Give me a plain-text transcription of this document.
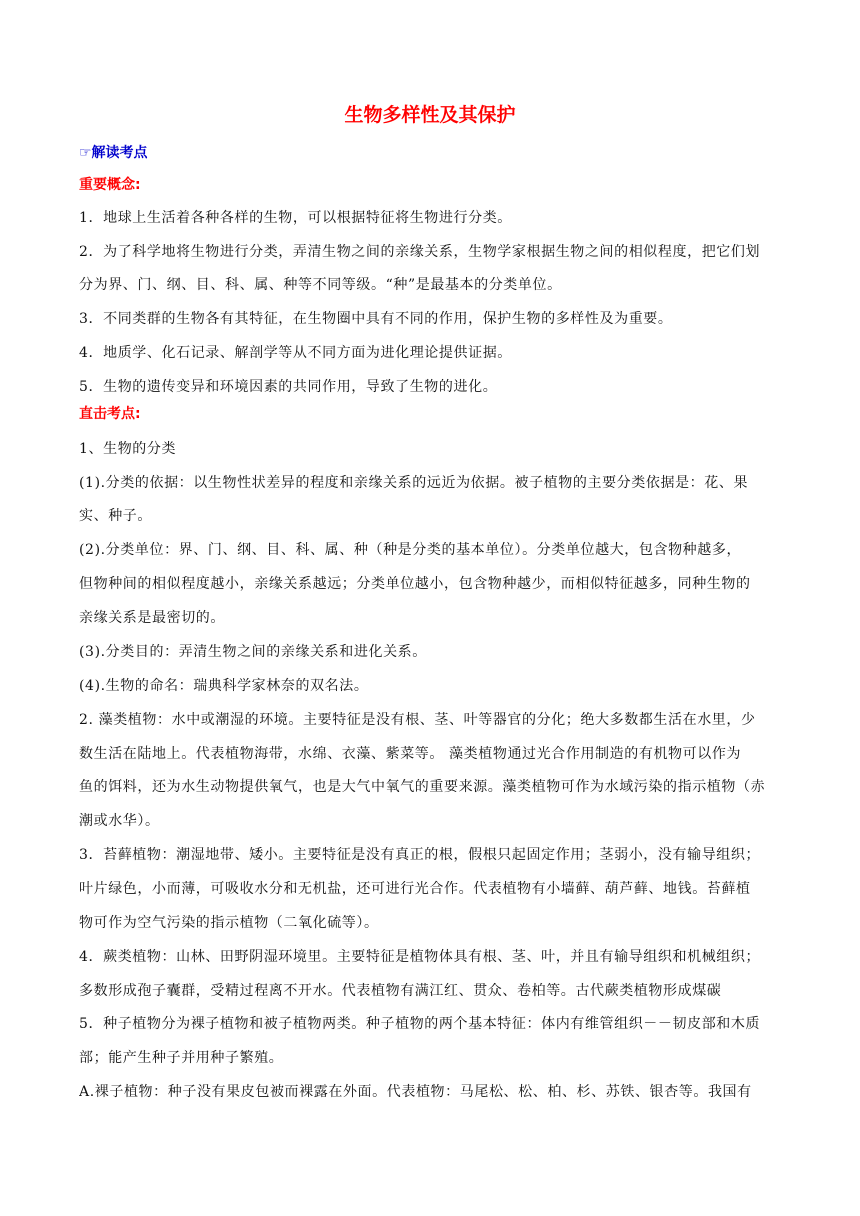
生物多样性及其保护
☞解读考点
重要概念:
1．地球上生活着各种各样的生物，可以根据特征将生物进行分类。
2．为了科学地将生物进行分类，弄清生物之间的亲缘关系，生物学家根据生物之间的相似程度，把它们划
分为界、门、纲、目、科、属、种等不同等级。“种”是最基本的分类单位。
3．不同类群的生物各有其特征，在生物圈中具有不同的作用，保护生物的多样性及为重要。
4．地质学、化石记录、解剖学等从不同方面为进化理论提供证据。
5．生物的遗传变异和环境因素的共同作用，导致了生物的进化。
直击考点:
1、生物的分类
(1).分类的依据：以生物性状差异的程度和亲缘关系的远近为依据。被子植物的主要分类依据是：花、果
实、种子。
(2).分类单位：界、门、纲、目、科、属、种（种是分类的基本单位）。分类单位越大，包含物种越多，
但物种间的相似程度越小，亲缘关系越远；分类单位越小，包含物种越少，而相似特征越多，同种生物的
亲缘关系是最密切的。
(3).分类目的：弄清生物之间的亲缘关系和进化关系。
(4).生物的命名：瑞典科学家林奈的双名法。
2. 藻类植物：水中或潮湿的环境。主要特征是没有根、茎、叶等器官的分化；绝大多数都生活在水里，少
数生活在陆地上。代表植物海带，水绵、衣藻、紫菜等。 藻类植物通过光合作用制造的有机物可以作为
鱼的饵料，还为水生动物提供氧气，也是大气中氧气的重要来源。藻类植物可作为水域污染的指示植物（赤
潮或水华）。
3．苔藓植物：潮湿地带、矮小。主要特征是没有真正的根，假根只起固定作用；茎弱小，没有输导组织；
叶片绿色，小而薄，可吸收水分和无机盐，还可进行光合作。代表植物有小墙藓、葫芦藓、地钱。苔藓植
物可作为空气污染的指示植物（二氧化硫等）。
4．蕨类植物：山林、田野阴湿环境里。主要特征是植物体具有根、茎、叶，并且有输导组织和机械组织；
多数形成孢子囊群，受精过程离不开水。代表植物有满江红、贯众、卷柏等。古代蕨类植物形成煤碳
5．种子植物分为裸子植物和被子植物两类。种子植物的两个基本特征：体内有维管组织－－韧皮部和木质
部；能产生种子并用种子繁殖。
A.裸子植物：种子没有果皮包被而裸露在外面。代表植物：马尾松、松、柏、杉、苏铁、银杏等。我国有
